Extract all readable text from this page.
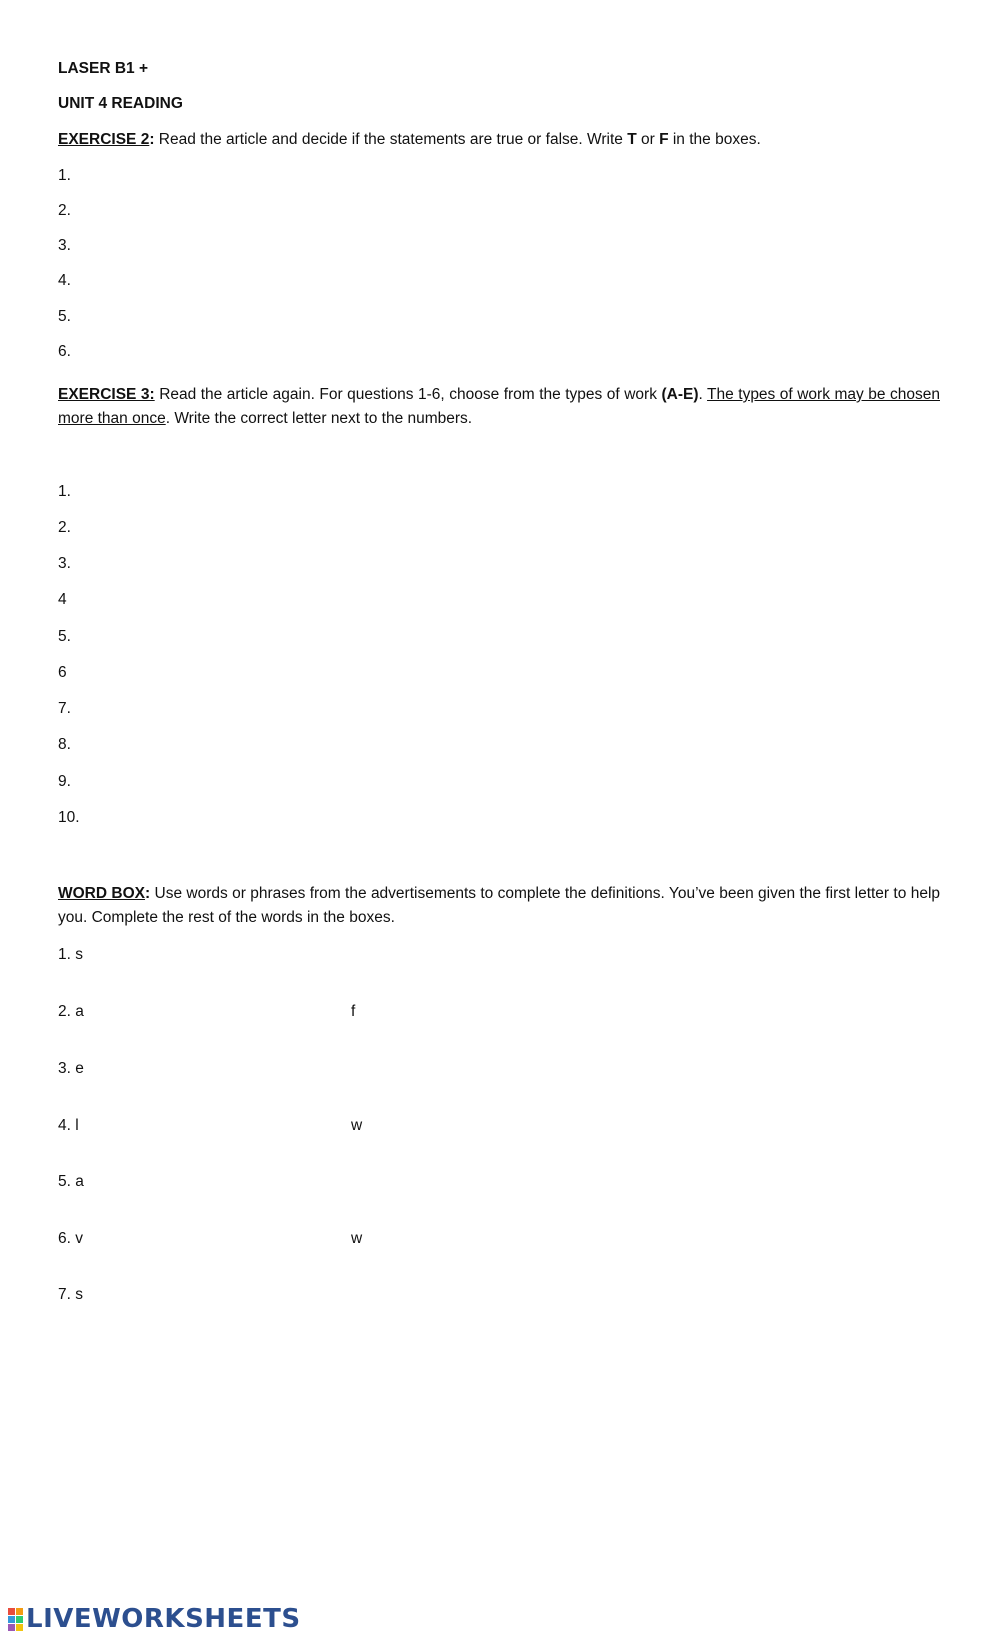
LASER B1 +
UNIT 4 READING
EXERCISE 2: Read the article and decide if the statements are true or false. Write T or F in the boxes.
1.
2.
3.
4.
5.
6.
EXERCISE 3: Read the article again. For questions 1-6, choose from the types of work (A-E). The types of work may be chosen more than once. Write the correct letter next to the numbers.
1.
2.
3.
4
5.
6
7.
8.
9.
10.
WORD BOX: Use words or phrases from the advertisements to complete the definitions. You’ve been given the first letter to help you. Complete the rest of the words in the boxes.
1. s
2. a	f
3. e
4. l	w
5. a
6. v	w
7. s
LIVEWORKSHEETS
